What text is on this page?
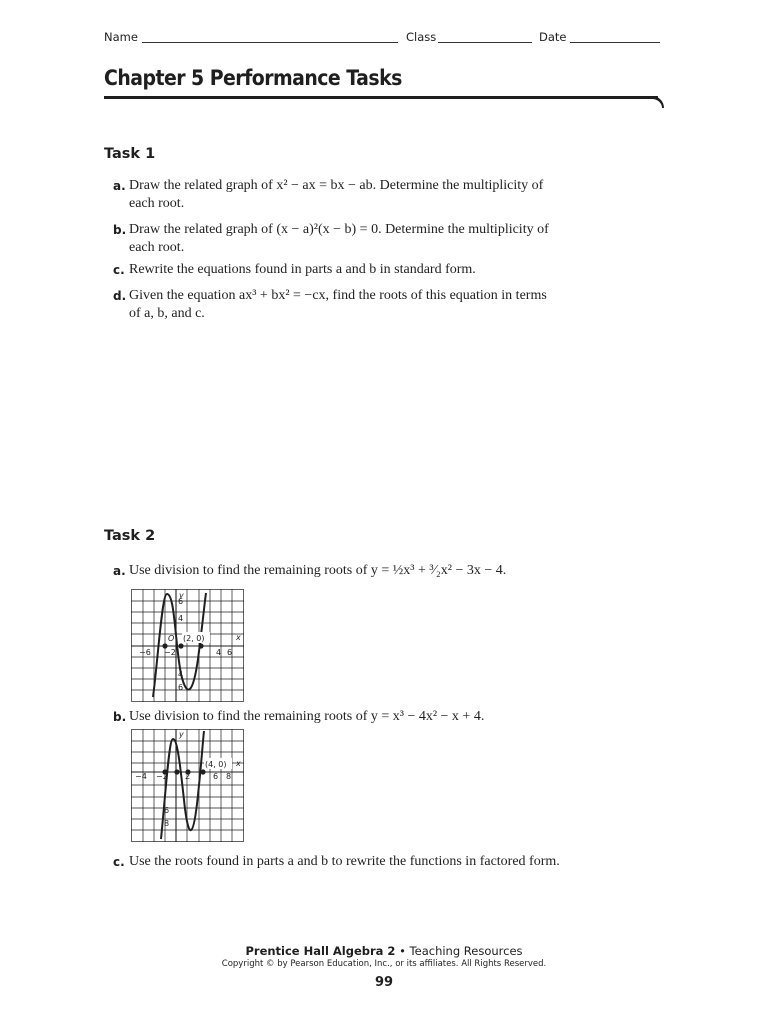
Name	Class	Date
Chapter 5 Performance Tasks
Task 1
a. Draw the related graph of x² − ax = bx − ab. Determine the multiplicity of
each root.
b. Draw the related graph of (x − a)²(x − b) = 0. Determine the multiplicity of
each root.
c. Rewrite the equations found in parts a and b in standard form.
d. Given the equation ax³ + bx² = −cx, find the roots of this equation in terms
of a, b, and c.
Task 2
a. Use division to find the remaining roots of y = ½x³ + ³⁄₂x² − 3x − 4.
y
x
O (2, 0)
−6 −2	4 6
6
4
4
6
b. Use division to find the remaining roots of y = x³ − 4x² − x + 4.
y
x
(4, 0)
−4 −2 2	6 8
6
8
c. Use the roots found in parts a and b to rewrite the functions in factored form.
Prentice Hall Algebra 2 • Teaching Resources
Copyright © by Pearson Education, Inc., or its affiliates. All Rights Reserved.
99
